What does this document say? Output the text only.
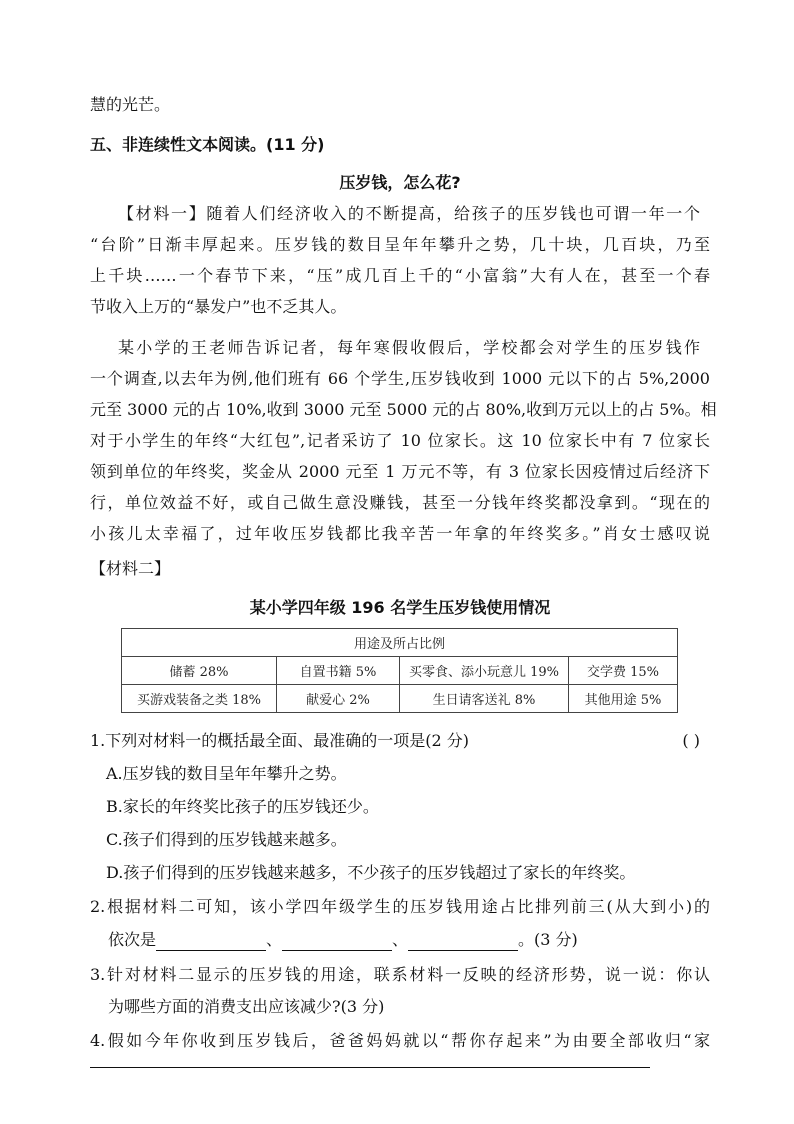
慧的光芒。
五、非连续性文本阅读。(11 分)
压岁钱，怎么花?
【材料一】随着人们经济收入的不断提高，给孩子的压岁钱也可谓一年一个
“台阶”日渐丰厚起来。压岁钱的数目呈年年攀升之势，几十块，几百块，乃至
上千块……一个春节下来，“压”成几百上千的“小富翁”大有人在，甚至一个春
节收入上万的“暴发户”也不乏其人。
某小学的王老师告诉记者，每年寒假收假后，学校都会对学生的压岁钱作
一个调查,以去年为例,他们班有 66 个学生,压岁钱收到 1000 元以下的占 5%,2000
元至 3000 元的占 10%,收到 3000 元至 5000 元的占 80%,收到万元以上的占 5%。相
对于小学生的年终“大红包”,记者采访了 10 位家长。这 10 位家长中有 7 位家长
领到单位的年终奖，奖金从 2000 元至 1 万元不等，有 3 位家长因疫情过后经济下
行，单位效益不好，或自己做生意没赚钱，甚至一分钱年终奖都没拿到。“现在的
小孩儿太幸福了，过年收压岁钱都比我辛苦一年拿的年终奖多。”肖女士感叹说
【材料二】
某小学四年级 196 名学生压岁钱使用情况
用途及所占比例			
储蓄 28%	自置书籍 5%	买零食、添小玩意儿 19%	交学费 15%
买游戏装备之类 18%	献爱心 2%	生日请客送礼 8%	其他用途 5%
1.下列对材料一的概括最全面、最准确的一项是(2 分)	( )
A.压岁钱的数目呈年年攀升之势。
B.家长的年终奖比孩子的压岁钱还少。
C.孩子们得到的压岁钱越来越多。
D.孩子们得到的压岁钱越来越多，不少孩子的压岁钱超过了家长的年终奖。
2.根据材料二可知，该小学四年级学生的压岁钱用途占比排列前三(从大到小)的
依次是	、	、	。(3 分)
3.针对材料二显示的压岁钱的用途，联系材料一反映的经济形势，说一说：你认
为哪些方面的消费支出应该减少?(3 分)
4.假如今年你收到压岁钱后，爸爸妈妈就以“帮你存起来”为由要全部收归“家
